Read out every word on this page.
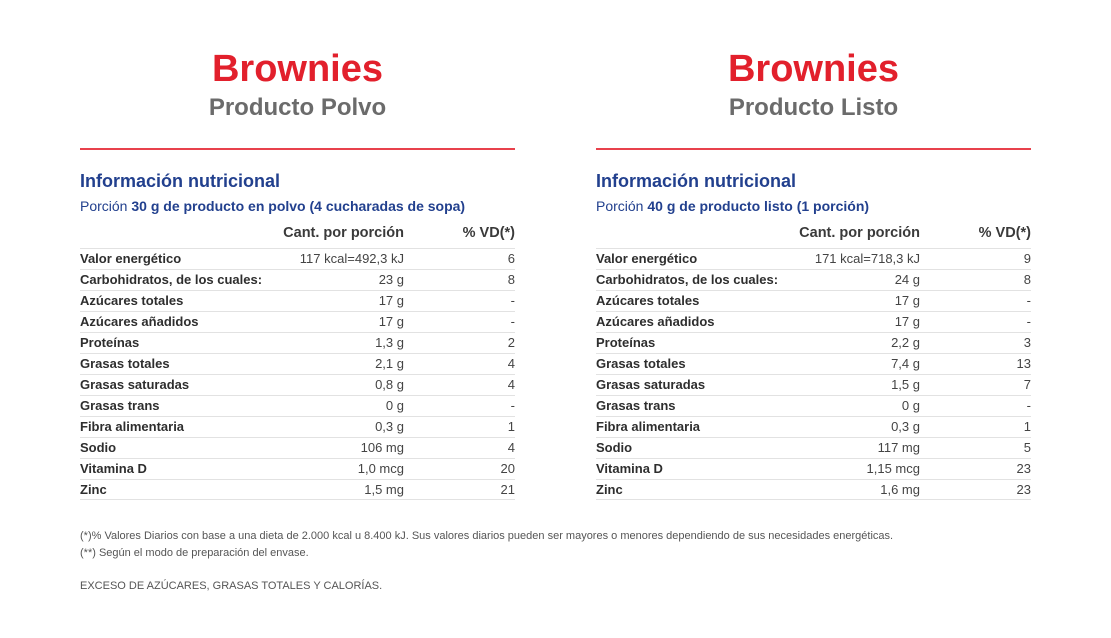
Brownies
Producto Polvo
Información nutricional

Porción 30 g de producto en polvo (4 cucharadas de sopa)

Cant. por porción	% VD(*)
Valor energético	117 kcal=492,3 kJ	6
Carbohidratos, de los cuales:	23 g	8
Azúcares totales	17 g	-
Azúcares añadidos	17 g	-
Proteínas	1,3 g	2
Grasas totales	2,1 g	4
Grasas saturadas	0,8 g	4
Grasas trans	0 g	-
Fibra alimentaria	0,3 g	1
Sodio	106 mg	4
Vitamina D	1,0 mcg	20
Zinc	1,5 mg	21
Brownies
Producto Listo
Información nutricional

Porción 40 g de producto listo (1 porción)

Cant. por porción	% VD(*)
Valor energético	171 kcal=718,3 kJ	9
Carbohidratos, de los cuales:	24 g	8
Azúcares totales	17 g	-
Azúcares añadidos	17 g	-
Proteínas	2,2 g	3
Grasas totales	7,4 g	13
Grasas saturadas	1,5 g	7
Grasas trans	0 g	-
Fibra alimentaria	0,3 g	1
Sodio	117 mg	5
Vitamina D	1,15 mcg	23
Zinc	1,6 mg	23

(*)% Valores Diarios con base a una dieta de 2.000 kcal u 8.400 kJ. Sus valores diarios pueden ser mayores o menores dependiendo de sus necesidades energéticas.

(**) Según el modo de preparación del envase.

EXCESO DE AZÚCARES, GRASAS TOTALES Y CALORÍAS.
